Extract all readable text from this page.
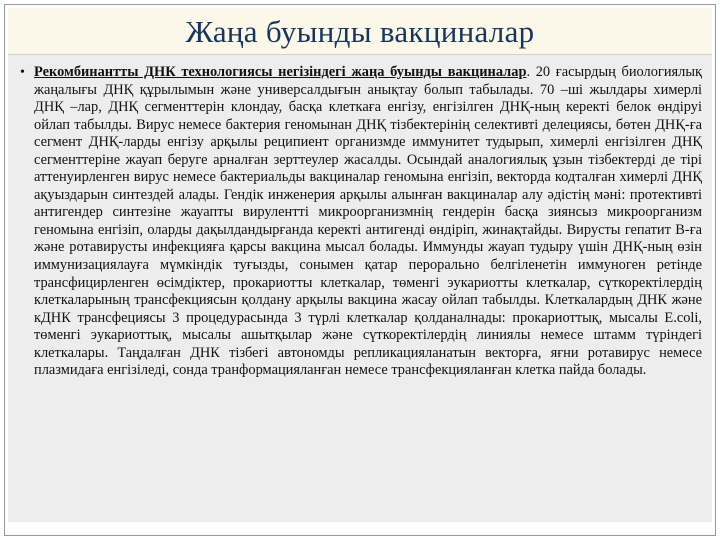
Жаңа буынды вакциналар
• Рекомбинантты ДНК технологиясы негізіндегі жаңа буынды вакциналар. 20 ғасырдың биологиялық жаңалығы ДНҚ құрылымын және универсалдығын анықтау болып табылады. 70 –ші жылдары химерлі ДНҚ –лар, ДНҚ сегменттерін клондау, басқа клеткаға енгізу, енгізілген ДНҚ-ның керекті белок өндіруі ойлап табылды. Вирус немесе бактерия геномынан ДНҚ тізбектерінің селективті делециясы, бөтен ДНҚ-ға сегмент ДНҚ-ларды енгізу арқылы реципиент организмде иммунитет тудырып, химерлі енгізілген ДНҚ сегменттеріне жауап беруге арналған зерттеулер жасалды. Осындай аналогиялық ұзын тізбектерді де тірі аттенуирленген вирус немесе бактериальды вакциналар геномына енгізіп, векторда кодталған химерлі ДНҚ ақуыздарын синтездей алады. Гендік инженерия арқылы алынған вакциналар алу әдістің мәні: протективті антигендер синтезіне жауапты вирулентті микроорганизмнің гендерін басқа зиянсыз микроорганизм геномына енгізіп, оларды дақылдандырғанда керекті антигенді өндіріп, жинақтайды. Вирусты гепатит В-ға және ротавирусты инфекцияға қарсы вакцина мысал болады. Иммунды жауап тудыру үшін ДНҚ-ның өзін иммунизациялауға мүмкіндік туғызды, сонымен қатар перорально белгіленетін иммуноген ретінде трансфицирленген өсімдіктер, прокариотты клеткалар, төменгі эукариотты клеткалар, сүткоректілердің клеткаларының трансфекциясын қолдану арқылы вакцина жасау ойлап табылды. Клеткалардың ДНК және кДНК трансфециясы 3 процедурасында 3 түрлі клеткалар қолданалнады: прокариоттық, мысалы E.coli, төменгі эукариоттық, мысалы ашытқылар және сүткоректілердің линиялы немесе штамм түріндегі клеткалары. Таңдалған ДНК тізбегі автономды репликацияланатын векторға, яғни ротавирус немесе плазмидаға енгізіледі, сонда транформацияланған немесе трансфекцияланған клетка пайда болады.
